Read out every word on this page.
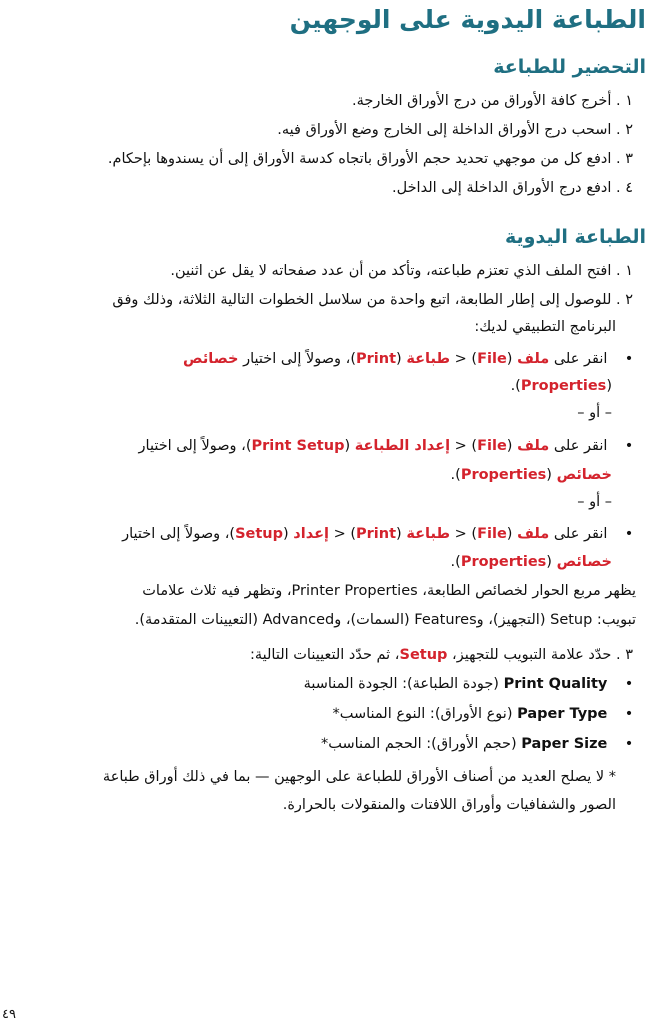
الطباعة اليدوية على الوجهين
التحضير للطباعة
١ . أخرج كافة الأوراق من درج الأوراق الخارجة.
٢ . اسحب درج الأوراق الداخلة إلى الخارج وضع الأوراق فيه.
٣ . ادفع كل من موجهي تحديد حجم الأوراق باتجاه كدسة الأوراق إلى أن يسندوها بإحكام.
٤ . ادفع درج الأوراق الداخلة إلى الداخل.
الطباعة اليدوية
١ . افتح الملف الذي تعتزم طباعته، وتأكد من أن عدد صفحاته لا يقل عن اثنين.
٢ . للوصول إلى إطار الطابعة، اتبع واحدة من سلاسل الخطوات التالية الثلاثة، وذلك وفق
البرنامج التطبيقي لديك:
• انقر على ملف (File) < طباعة (Print)، وصولاً إلى اختيار خصائص
(Properties).
– أو –
• انقر على ملف (File) < إعداد الطباعة (Print Setup)، وصولاً إلى اختيار
خصائص (Properties).
– أو –
• انقر على ملف (File) < طباعة (Print) < إعداد (Setup)، وصولاً إلى اختيار
خصائص (Properties).
يظهر مربع الحوار لخصائص الطابعة، Printer Properties، وتظهر فيه ثلاث علامات
تبويب: Setup (التجهيز)، وFeatures (السمات)، وAdvanced (التعيينات المتقدمة).
٣ . حدّد علامة التبويب للتجهيز، Setup، ثم حدّد التعيينات التالية:
• Print Quality (جودة الطباعة): الجودة المناسبة
• Paper Type (نوع الأوراق): النوع المناسب*
• Paper Size (حجم الأوراق): الحجم المناسب*
* لا يصلح العديد من أصناف الأوراق للطباعة على الوجهين — بما في ذلك أوراق طباعة
الصور والشفافيات وأوراق اللافتات والمنقولات بالحرارة.
٤٩
